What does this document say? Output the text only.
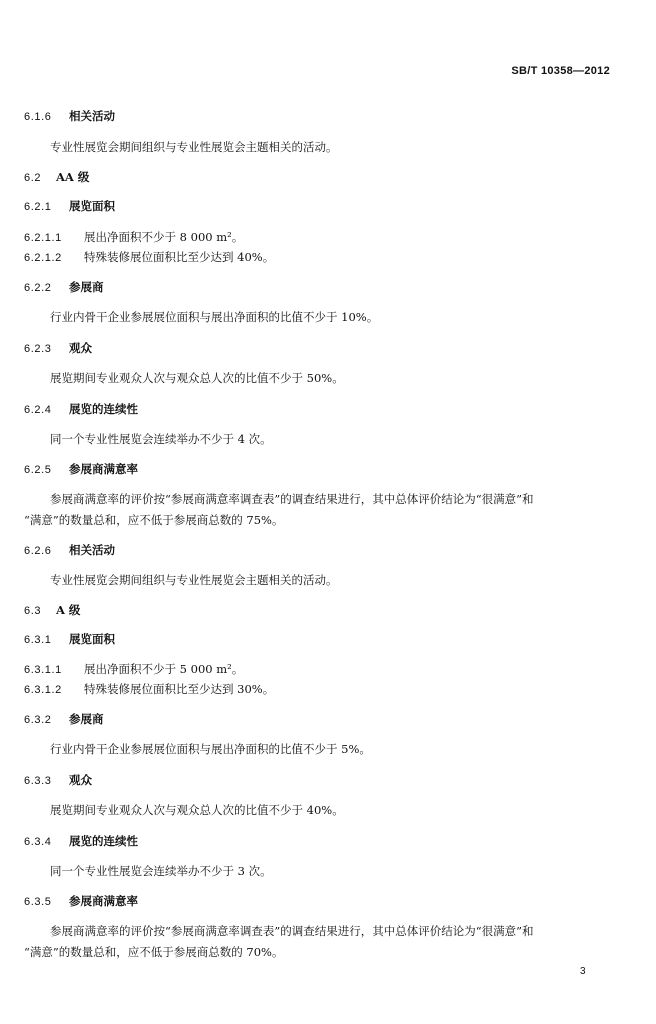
SB/T 10358—2012
6.1.6 相关活动
专业性展览会期间组织与专业性展览会主题相关的活动。
6.2 AA 级
6.2.1 展览面积
6.2.1.1 展出净面积不少于 8 000 m²。
6.2.1.2 特殊装修展位面积比至少达到 40%。
6.2.2 参展商
行业内骨干企业参展展位面积与展出净面积的比值不少于 10%。
6.2.3 观众
展览期间专业观众人次与观众总人次的比值不少于 50%。
6.2.4 展览的连续性
同一个专业性展览会连续举办不少于 4 次。
6.2.5 参展商满意率
参展商满意率的评价按“参展商满意率调查表”的调查结果进行，其中总体评价结论为“很满意”和
“满意”的数量总和，应不低于参展商总数的 75%。
6.2.6 相关活动
专业性展览会期间组织与专业性展览会主题相关的活动。
6.3 A 级
6.3.1 展览面积
6.3.1.1 展出净面积不少于 5 000 m²。
6.3.1.2 特殊装修展位面积比至少达到 30%。
6.3.2 参展商
行业内骨干企业参展展位面积与展出净面积的比值不少于 5%。
6.3.3 观众
展览期间专业观众人次与观众总人次的比值不少于 40%。
6.3.4 展览的连续性
同一个专业性展览会连续举办不少于 3 次。
6.3.5 参展商满意率
参展商满意率的评价按“参展商满意率调查表”的调查结果进行，其中总体评价结论为“很满意”和
“满意”的数量总和，应不低于参展商总数的 70%。
3
